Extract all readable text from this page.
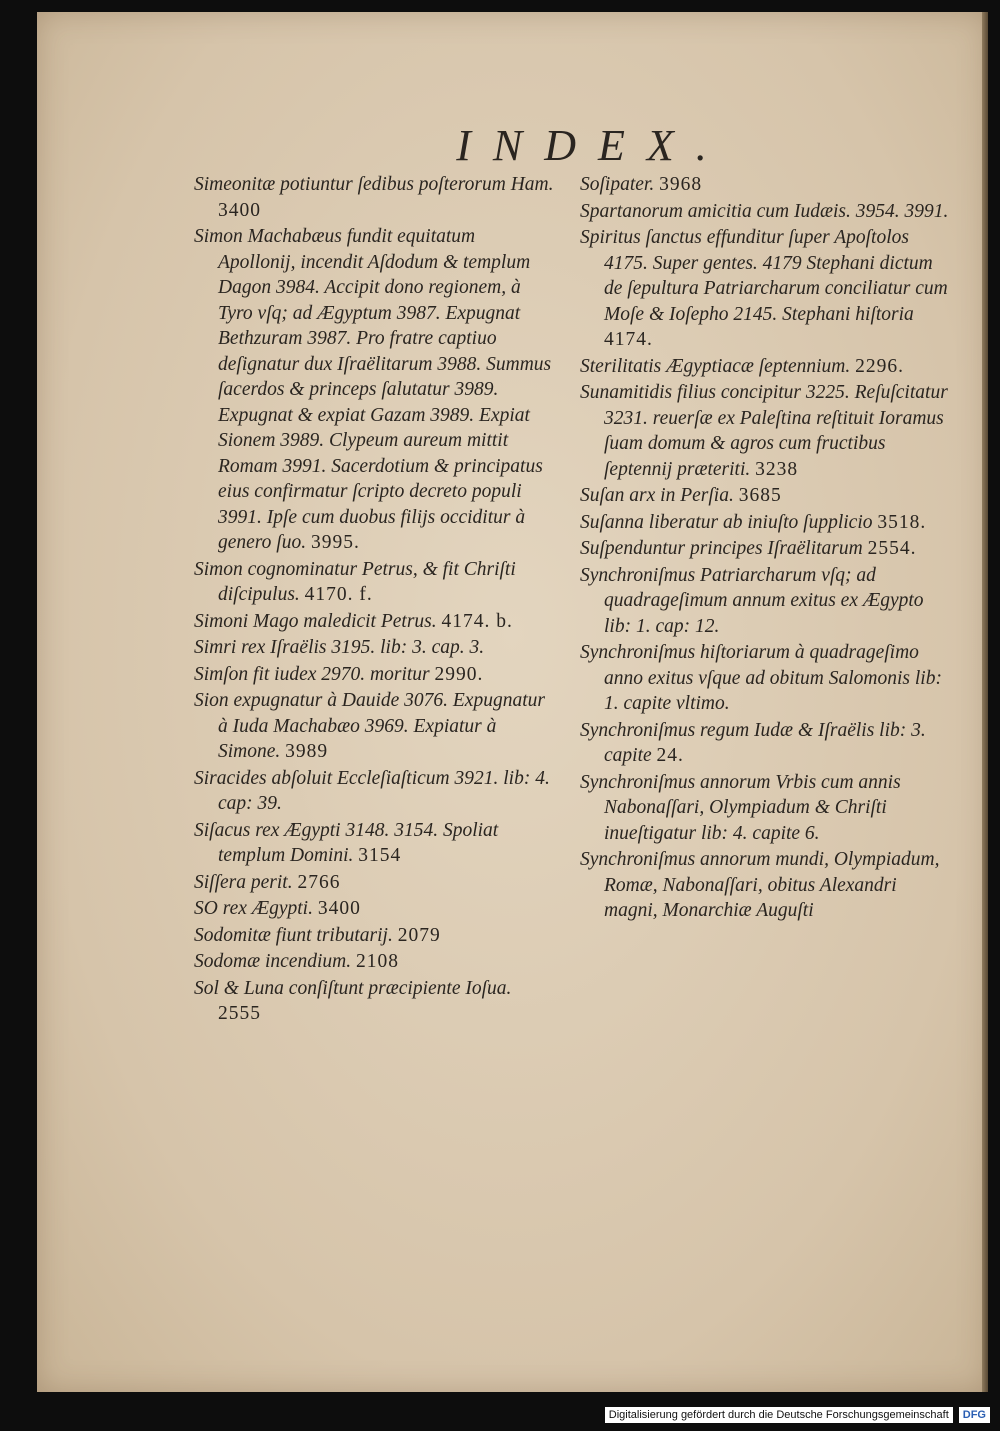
INDEX.
Simeonitæ potiuntur ſedibus poſterorum Ham. 3400
Simon Machabæus fundit equitatum Apollonij, incendit Aſdodum & templum Dagon 3984. Accipit dono regionem, à Tyro vſq; ad Ægyptum 3987. Expugnat Bethzuram 3987. Pro fratre captiuo deſignatur dux Iſraëlitarum 3988. Summus ſacerdos & princeps ſalutatur 3989. Expugnat & expiat Gazam 3989. Expiat Sionem 3989. Clypeum aureum mittit Romam 3991. Sacerdotium & principatus eius confirmatur ſcripto decreto populi 3991. Ipſe cum duobus filijs occiditur à genero ſuo. 3995.
Simon cognominatur Petrus, & fit Chriſti diſcipulus. 4170. f.
Simoni Mago maledicit Petrus. 4174. b.
Simri rex Iſraëlis 3195. lib: 3. cap. 3.
Simſon fit iudex 2970. moritur 2990.
Sion expugnatur à Dauide 3076. Expugnatur à Iuda Machabæo 3969. Expiatur à Simone. 3989
Siracides abſoluit Eccleſiaſticum 3921. lib: 4. cap: 39.
Siſacus rex Ægypti 3148. 3154. Spoliat templum Domini. 3154
Siſſera perit. 2766
SO rex Ægypti. 3400
Sodomitæ fiunt tributarij. 2079
Sodomæ incendium. 2108
Sol & Luna conſiſtunt præcipiente Ioſua. 2555
Soſipater. 3968
Spartanorum amicitia cum Iudæis. 3954. 3991.
Spiritus ſanctus effunditur ſuper Apoſtolos 4175. Super gentes. 4179 Stephani dictum de ſepultura Patriarcharum conciliatur cum Moſe & Ioſepho 2145. Stephani hiſtoria 4174.
Sterilitatis Ægyptiacæ ſeptennium. 2296.
Sunamitidis filius concipitur 3225. Reſuſcitatur 3231. reuerſæ ex Paleſtina reſtituit Ioramus ſuam domum & agros cum fructibus ſeptennij præteriti. 3238
Suſan arx in Perſia. 3685
Suſanna liberatur ab iniuſto ſupplicio 3518.
Suſpenduntur principes Iſraëlitarum 2554.
Synchroniſmus Patriarcharum vſq; ad quadrageſimum annum exitus ex Ægypto lib: 1. cap: 12.
Synchroniſmus hiſtoriarum à quadrageſimo anno exitus vſque ad obitum Salomonis lib: 1. capite vltimo.
Synchroniſmus regum Iudæ & Iſraëlis lib: 3. capite 24.
Synchroniſmus annorum Vrbis cum annis Nabonaſſari, Olympiadum & Chriſti inueſtigatur lib: 4. capite 6.
Synchroniſmus annorum mundi, Olympiadum, Romæ, Nabonaſſari, obitus Alexandri magni, Monarchiæ Auguſti
Digitalisierung gefördert durch die Deutsche Forschungsgemeinschaft	DFG
